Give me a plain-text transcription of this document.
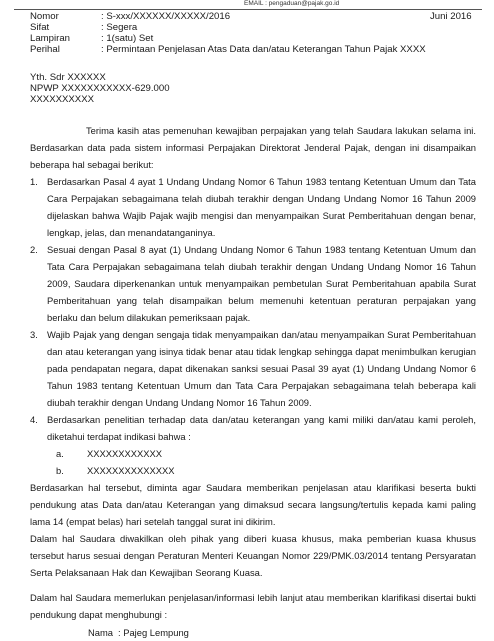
EMAIL : pengaduan@pajak.go.id
Nomor	: S-xxx/XXXXXX/XXXXX/2016	Juni 2016
Sifat	: Segera
Lampiran	: 1(satu) Set
Perihal	: Permintaan Penjelasan Atas Data dan/atau Keterangan Tahun Pajak XXXX
Yth. Sdr XXXXXX
NPWP XXXXXXXXXXX-629.000
XXXXXXXXXX
Terima kasih atas pemenuhan kewajiban perpajakan yang telah Saudara lakukan selama ini. Berdasarkan data pada sistem informasi Perpajakan Direktorat Jenderal Pajak, dengan ini disampaikan beberapa hal sebagai berikut:
1. Berdasarkan Pasal 4 ayat 1 Undang Undang Nomor 6 Tahun 1983 tentang Ketentuan Umum dan Tata Cara Perpajakan sebagaimana telah diubah terakhir dengan Undang Undang Nomor 16 Tahun 2009 dijelaskan bahwa Wajib Pajak wajib mengisi dan menyampaikan Surat Pemberitahuan dengan benar, lengkap, jelas, dan menandatanganinya.
2. Sesuai dengan Pasal 8 ayat (1) Undang Undang Nomor 6 Tahun 1983 tentang Ketentuan Umum dan Tata Cara Perpajakan sebagaimana telah diubah terakhir dengan Undang Undang Nomor 16 Tahun 2009, Saudara diperkenankan untuk menyampaikan pembetulan Surat Pemberitahuan apabila Surat Pemberitahuan yang telah disampaikan belum memenuhi ketentuan peraturan perpajakan yang berlaku dan belum dilakukan pemeriksaan pajak.
3. Wajib Pajak yang dengan sengaja tidak menyampaikan dan/atau menyampaikan Surat Pemberitahuan dan atau keterangan yang isinya tidak benar atau tidak lengkap sehingga dapat menimbulkan kerugian pada pendapatan negara, dapat dikenakan sanksi sesuai Pasal 39 ayat (1) Undang Undang Nomor 6 Tahun 1983 tentang Ketentuan Umum dan Tata Cara Perpajakan sebagaimana telah beberapa kali diubah terakhir dengan Undang Undang Nomor 16 Tahun 2009.
4. Berdasarkan penelitian terhadap data dan/atau keterangan yang kami miliki dan/atau kami peroleh, diketahui terdapat indikasi bahwa :
a. XXXXXXXXXXXX
b. XXXXXXXXXXXXXX
Berdasarkan hal tersebut, diminta agar Saudara memberikan penjelasan atau klarifikasi beserta bukti pendukung atas Data dan/atau Keterangan yang dimaksud secara langsung/tertulis kepada kami paling lama 14 (empat belas) hari setelah tanggal surat ini dikirim.
Dalam hal Saudara diwakilkan oleh pihak yang diberi kuasa khusus, maka pemberian kuasa khusus tersebut harus sesuai dengan Peraturan Menteri Keuangan Nomor 229/PMK.03/2014 tentang Persyaratan Serta Pelaksanaan Hak dan Kewajiban Seorang Kuasa.
Dalam hal Saudara memerlukan penjelasan/informasi lebih lanjut atau memberikan klarifikasi disertai bukti pendukung dapat menghubungi :
Nama : Pajeg Lempung
